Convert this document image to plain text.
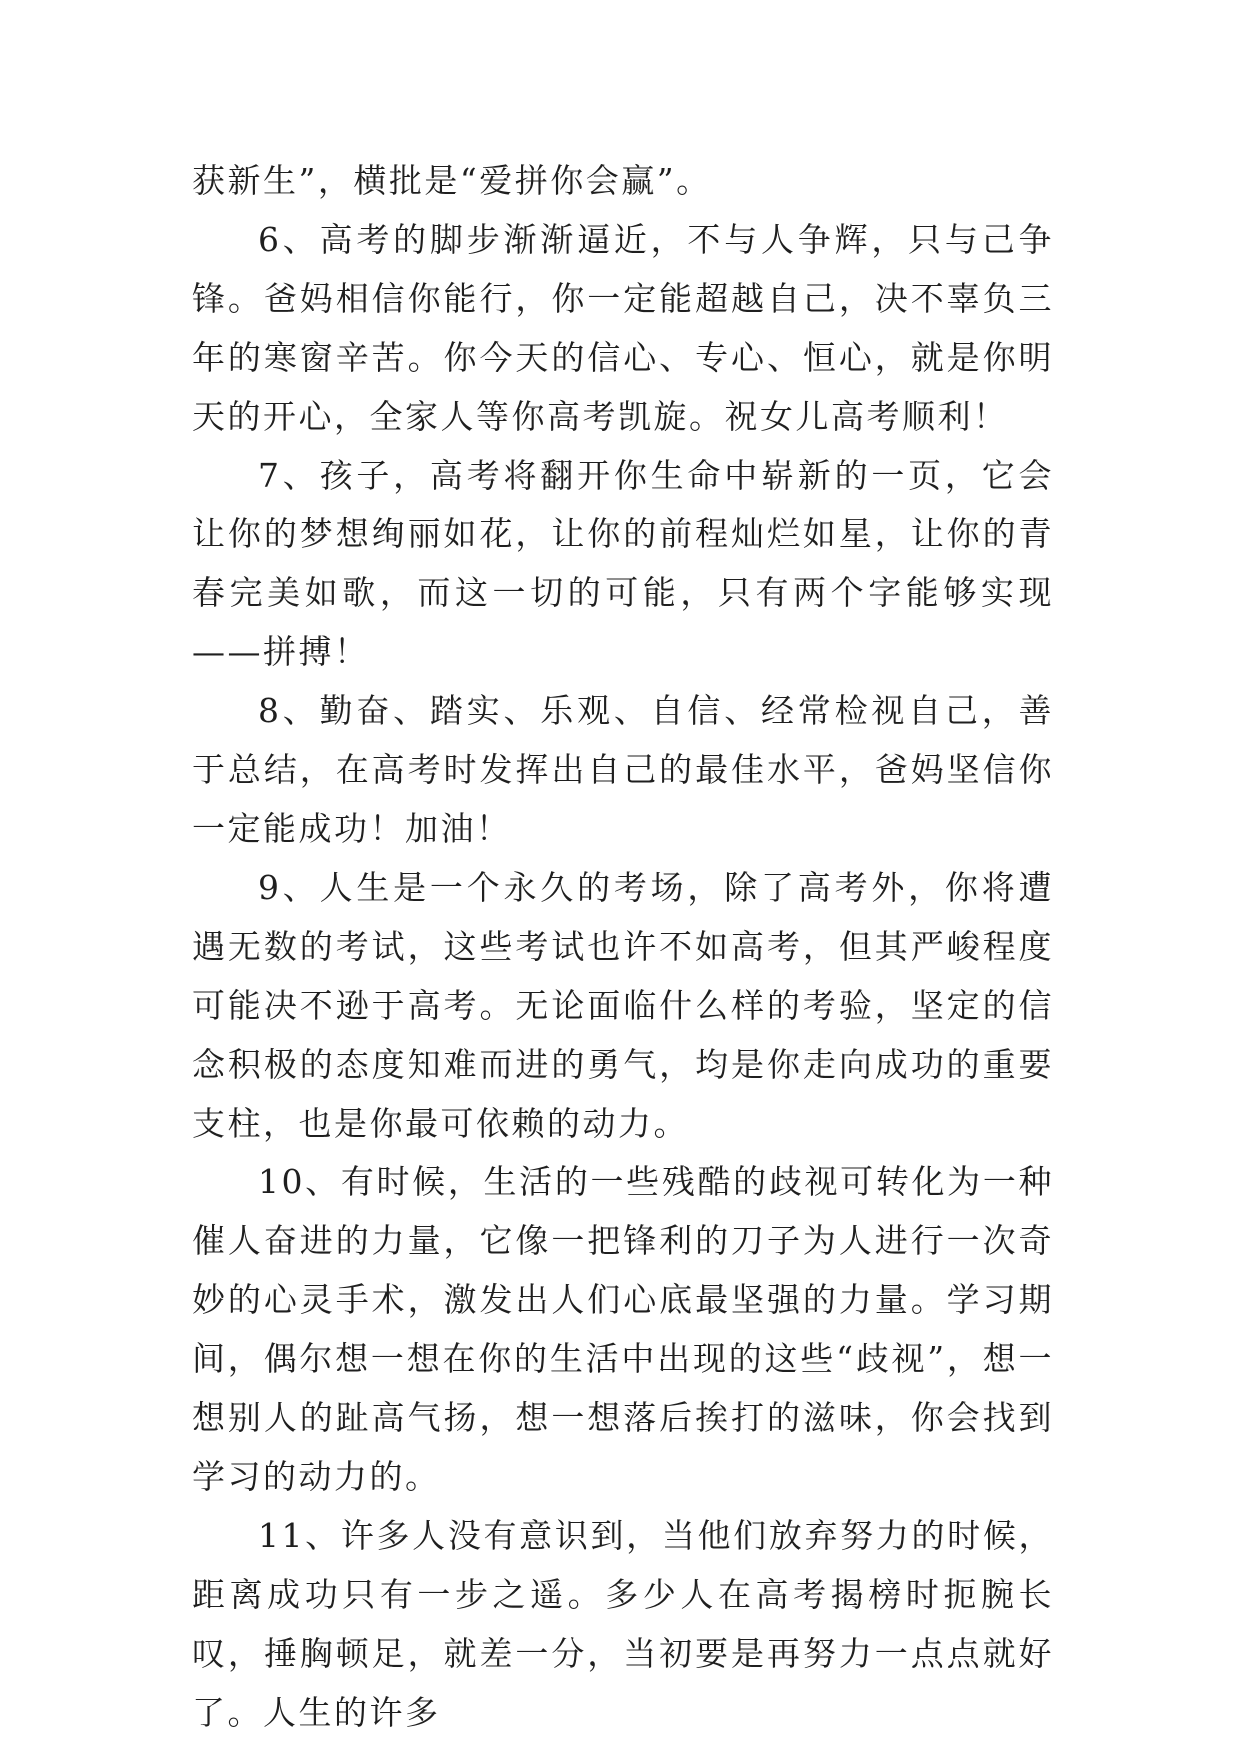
获新生”，横批是“爱拼你会赢”。

6、高考的脚步渐渐逼近，不与人争辉，只与己争锋。爸妈相信你能行，你一定能超越自己，决不辜负三年的寒窗辛苦。你今天的信心、专心、恒心，就是你明天的开心，全家人等你高考凯旋。祝女儿高考顺利！

7、孩子，高考将翻开你生命中崭新的一页，它会让你的梦想绚丽如花，让你的前程灿烂如星，让你的青春完美如歌，而这一切的可能，只有两个字能够实现——拼搏！

8、勤奋、踏实、乐观、自信、经常检视自己，善于总结，在高考时发挥出自己的最佳水平，爸妈坚信你一定能成功！加油！

9、人生是一个永久的考场，除了高考外，你将遭遇无数的考试，这些考试也许不如高考，但其严峻程度可能决不逊于高考。无论面临什么样的考验，坚定的信念积极的态度知难而进的勇气，均是你走向成功的重要支柱，也是你最可依赖的动力。

10、有时候，生活的一些残酷的歧视可转化为一种催人奋进的力量，它像一把锋利的刀子为人进行一次奇妙的心灵手术，激发出人们心底最坚强的力量。学习期间，偶尔想一想在你的生活中出现的这些“歧视”，想一想别人的趾高气扬，想一想落后挨打的滋味，你会找到学习的动力的。

11、许多人没有意识到，当他们放弃努力的时候，距离成功只有一步之遥。多少人在高考揭榜时扼腕长叹，捶胸顿足，就差一分，当初要是再努力一点点就好了。人生的许多
